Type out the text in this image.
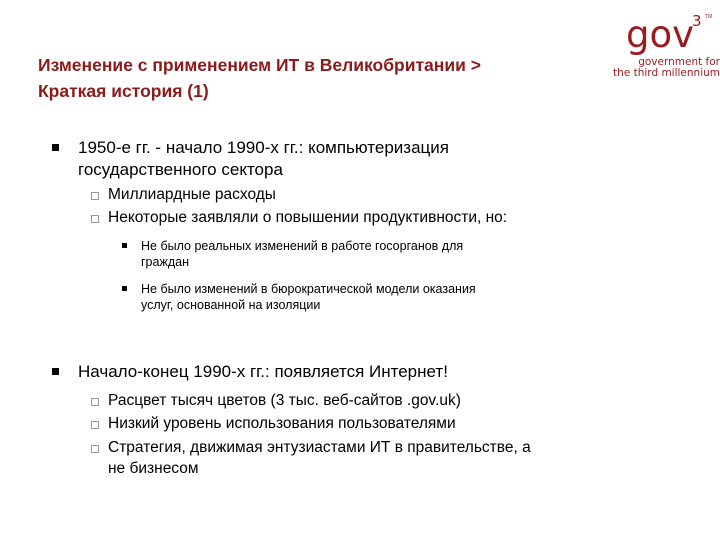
Изменение с применением ИТ в Великобритании >
Краткая история (1)
gov
3 TM
government for
the third millennium
1950-е гг. - начало 1990-х гг.: компьютеризация
государственного сектора
Миллиардные расходы
Некоторые заявляли о повышении продуктивности, но:
Не было реальных изменений в работе госорганов для
граждан
Не было изменений в бюрократической модели оказания
услуг, основанной на изоляции
Начало-конец 1990-х гг.: появляется Интернет!
Расцвет тысяч цветов (3 тыс. веб-сайтов .gov.uk)
Низкий уровень использования пользователями
Стратегия, движимая энтузиастами ИТ в правительстве, а
не бизнесом
